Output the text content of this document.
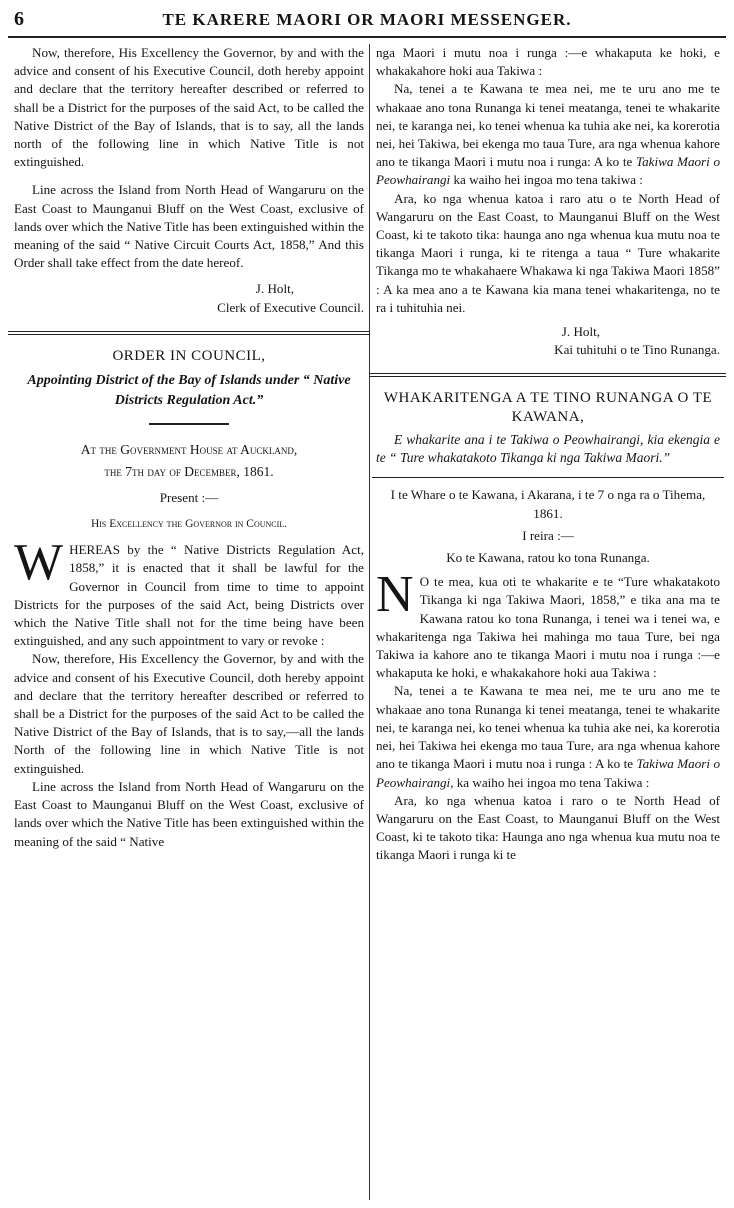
6	TE KARERE MAORI OR MAORI MESSENGER.

Now, therefore, His Excellency the Governor, by and with the advice and consent of his Executive Council, doth hereby appoint and declare that the territory hereafter described or referred to shall be a District for the purposes of the said Act, to be called the Native District of the Bay of Islands, that is to say, all the lands north of the following line in which Native Title is not extinguished.

Line across the Island from North Head of Wangaruru on the East Coast to Maunganui Bluff on the West Coast, exclusive of lands over which the Native Title has been extinguished within the meaning of the said “ Native Circuit Courts Act, 1858,” And this Order shall take effect from the date hereof.

J. Holt,

Clerk of Executive Council.

ORDER IN COUNCIL,
Appointing District of the Bay of Islands under “ Native Districts Regulation Act.”
At the Government House at Auckland,
the 7th day of December, 1861.
Present :—
His Excellency the Governor in Council.

WHEREAS by the “ Native Districts Regulation Act, 1858,” it is enacted that it shall be lawful for the Governor in Council from time to time to appoint Districts for the purposes of the said Act, being Districts over which the Native Title shall not for the time being have been extinguished, and any such appointment to vary or revoke :

Now, therefore, His Excellency the Governor, by and with the advice and consent of his Executive Council, doth hereby appoint and declare that the territory hereafter described or referred to shall be a District for the purposes of the said Act to be called the Native District of the Bay of Islands, that is to say,—all the lands North of the following line in which Native Title is not extinguished.

Line across the Island from North Head of Wangaruru on the East Coast to Maunganui Bluff on the West Coast, exclusive of lands over which the Native Title has been extinguished within the meaning of the said “ Native

nga Maori i mutu noa i runga :—e whakaputa ke hoki, e whakakahore hoki aua Takiwa :

Na, tenei a te Kawana te mea nei, me te uru ano me te whakaae ano tona Runanga ki tenei meatanga, tenei te whakarite nei, te karanga nei, ko tenei whenua ka tuhia ake nei, ka korerotia nei, hei Takiwa, bei ekenga mo taua Ture, ara nga whenua kahore ano te tikanga Maori i mutu noa i runga: A ko te Takiwa Maori o Peowhairangi ka waiho hei ingoa mo tena takiwa :

Ara, ko nga whenua katoa i raro atu o te North Head of Wangaruru on the East Coast, to Maunganui Bluff on the West Coast, ki te takoto tika: haunga ano nga whenua kua mutu noa te tikanga Maori i runga, ki te ritenga a taua “ Ture whakarite Tikanga mo te whakahaere Whakawa ki nga Takiwa Maori 1858” : A ka mea ano a te Kawana kia mana tenei whakaritenga, no te ra i tuhituhia nei.

J. Holt,

Kai tuhituhi o te Tino Runanga.

WHAKARITENGA A TE TINO RUNANGA O TE KAWANA,

E whakarite ana i te Takiwa o Peowhairangi, kia ekengia e te “ Ture whakatakoto Tikanga ki nga Takiwa Maori.”

I te Whare o te Kawana, i Akarana, i te 7 o nga ra o Tihema, 1861.

I reira :—
Ko te Kawana, ratou ko tona Runanga.

N O te mea, kua oti te whakarite e te “Ture whakatakoto Tikanga ki nga Takiwa Maori, 1858,” e tika ana ma te Kawana ratou ko tona Runanga, i tenei wa i tenei wa, e whakaritenga nga Takiwa hei mahinga mo taua Ture, bei nga Takiwa ia kahore ano te tikanga Maori i mutu noa i runga :—e whakaputa ke hoki, e whakakahore hoki aua Takiwa :

Na, tenei a te Kawana te mea nei, me te uru ano me te whakaae ano tona Runanga ki tenei meatanga, tenei te whakarite nei, te karanga nei, ko tenei whenua ka tuhia ake nei, ka korerotia nei, hei Takiwa hei ekenga mo taua Ture, ara nga whenua kahore ano te tikanga Maori i mutu noa i runga : A ko te Takiwa Maori o Peowhairangi, ka waiho hei ingoa mo tena Takiwa :

Ara, ko nga whenua katoa i raro o te North Head of Wangaruru on the East Coast, to Maunganui Bluff on the West Coast, ki te takoto tika: Haunga ano nga whenua kua mutu noa te tikanga Maori i runga ki te
